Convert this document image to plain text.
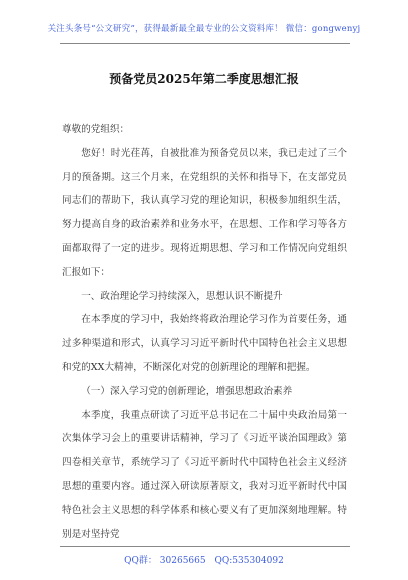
关注头条号“公文研究”，获得最新最全最专业的公文资料库！ 微信：gongwenyj
预备党员2025年第二季度思想汇报

尊敬的党组织：

您好！时光荏苒，自被批准为预备党员以来，我已走过了三个月的预备期。这三个月来，在党组织的关怀和指导下，在支部党员同志们的帮助下，我认真学习党的理论知识，积极参加组织生活，努力提高自身的政治素养和业务水平，在思想、工作和学习等各方面都取得了一定的进步。现将近期思想、学习和工作情况向党组织汇报如下：

一、政治理论学习持续深入，思想认识不断提升

在本季度的学习中，我始终将政治理论学习作为首要任务，通过多种渠道和形式，认真学习习近平新时代中国特色社会主义思想和党的XX大精神，不断深化对党的创新理论的理解和把握。

（一）深入学习党的创新理论，增强思想政治素养

本季度，我重点研读了习近平总书记在二十届中央政治局第一次集体学习会上的重要讲话精神，学习了《习近平谈治国理政》第四卷相关章节，系统学习了《习近平新时代中国特色社会主义经济思想的重要内容。通过深入研读原著原文，我对习近平新时代中国特色社会主义思想的科学体系和核心要义有了更加深刻地理解。特别是对坚持党

QQ群： 30265665 QQ:535304092
